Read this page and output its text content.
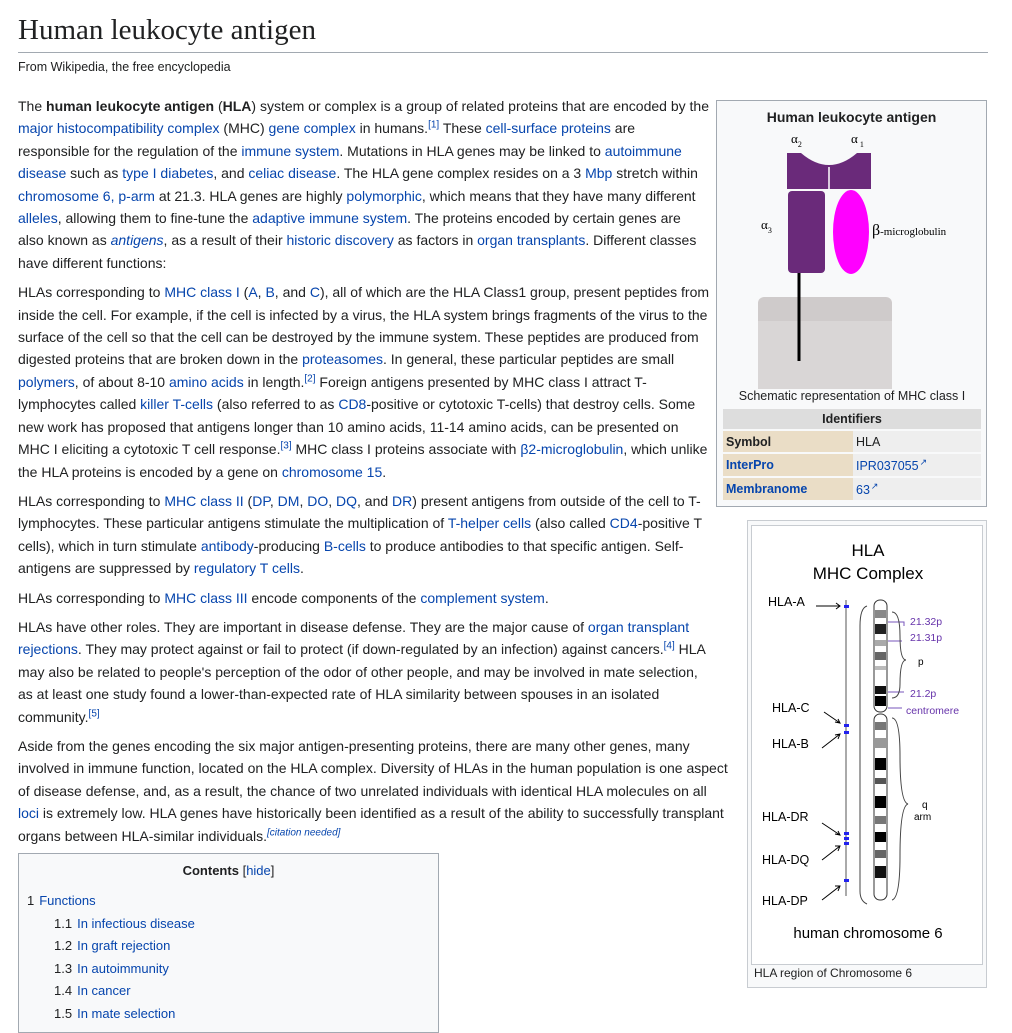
Human leukocyte antigen
From Wikipedia, the free encyclopedia

The human leukocyte antigen (HLA) system or complex is a group of related proteins that are encoded by the major histocompatibility complex (MHC) gene complex in humans.[1] These cell-surface proteins are responsible for the regulation of the immune system. Mutations in HLA genes may be linked to autoimmune disease such as type I diabetes, and celiac disease. The HLA gene complex resides on a 3 Mbp stretch within chromosome 6, p-arm at 21.3. HLA genes are highly polymorphic, which means that they have many different alleles, allowing them to fine-tune the adaptive immune system. The proteins encoded by certain genes are also known as antigens, as a result of their historic discovery as factors in organ transplants. Different classes have different functions:

HLAs corresponding to MHC class I (A, B, and C), all of which are the HLA Class1 group, present peptides from inside the cell. For example, if the cell is infected by a virus, the HLA system brings fragments of the virus to the surface of the cell so that the cell can be destroyed by the immune system. These peptides are produced from digested proteins that are broken down in the proteasomes. In general, these particular peptides are small polymers, of about 8-10 amino acids in length.[2] Foreign antigens presented by MHC class I attract T-lymphocytes called killer T-cells (also referred to as CD8-positive or cytotoxic T-cells) that destroy cells. Some new work has proposed that antigens longer than 10 amino acids, 11-14 amino acids, can be presented on MHC I eliciting a cytotoxic T cell response.[3] MHC class I proteins associate with β2-microglobulin, which unlike the HLA proteins is encoded by a gene on chromosome 15.

HLAs corresponding to MHC class II (DP, DM, DO, DQ, and DR) present antigens from outside of the cell to T-lymphocytes. These particular antigens stimulate the multiplication of T-helper cells (also called CD4-positive T cells), which in turn stimulate antibody-producing B-cells to produce antibodies to that specific antigen. Self-antigens are suppressed by regulatory T cells.

HLAs corresponding to MHC class III encode components of the complement system.

HLAs have other roles. They are important in disease defense. They are the major cause of organ transplant rejections. They may protect against or fail to protect (if down-regulated by an infection) against cancers.[4] HLA may also be related to people's perception of the odor of other people, and may be involved in mate selection, as at least one study found a lower-than-expected rate of HLA similarity between spouses in an isolated community.[5]

Aside from the genes encoding the six major antigen-presenting proteins, there are many other genes, many involved in immune function, located on the HLA complex. Diversity of HLAs in the human population is one aspect of disease defense, and, as a result, the chance of two unrelated individuals with identical HLA molecules on all loci is extremely low. HLA genes have historically been identified as a result of the ability to successfully transplant organs between HLA-similar individuals.[citation needed]

Human leukocyte antigen
$\alpha_2$	α $_1$
$\alpha_3$	β-microglobulin
Schematic representation of MHC class I
Identifiers	
Symbol	HLA
InterPro	IPR037055 ↗
Membranome	63 ↗
HLA
MHC Complex
HLA-A
HLA-C
HLA-B
HLA-DR
HLA-DQ
HLA-DP
21.32p
21.31p
21.2p
centromere
p
q
arm
human chromosome 6
HLA region of Chromosome 6
Contents [hide]
1 Functions
1.1 In infectious disease
1.2 In graft rejection
1.3 In autoimmunity
1.4 In cancer
1.5 In mate selection
